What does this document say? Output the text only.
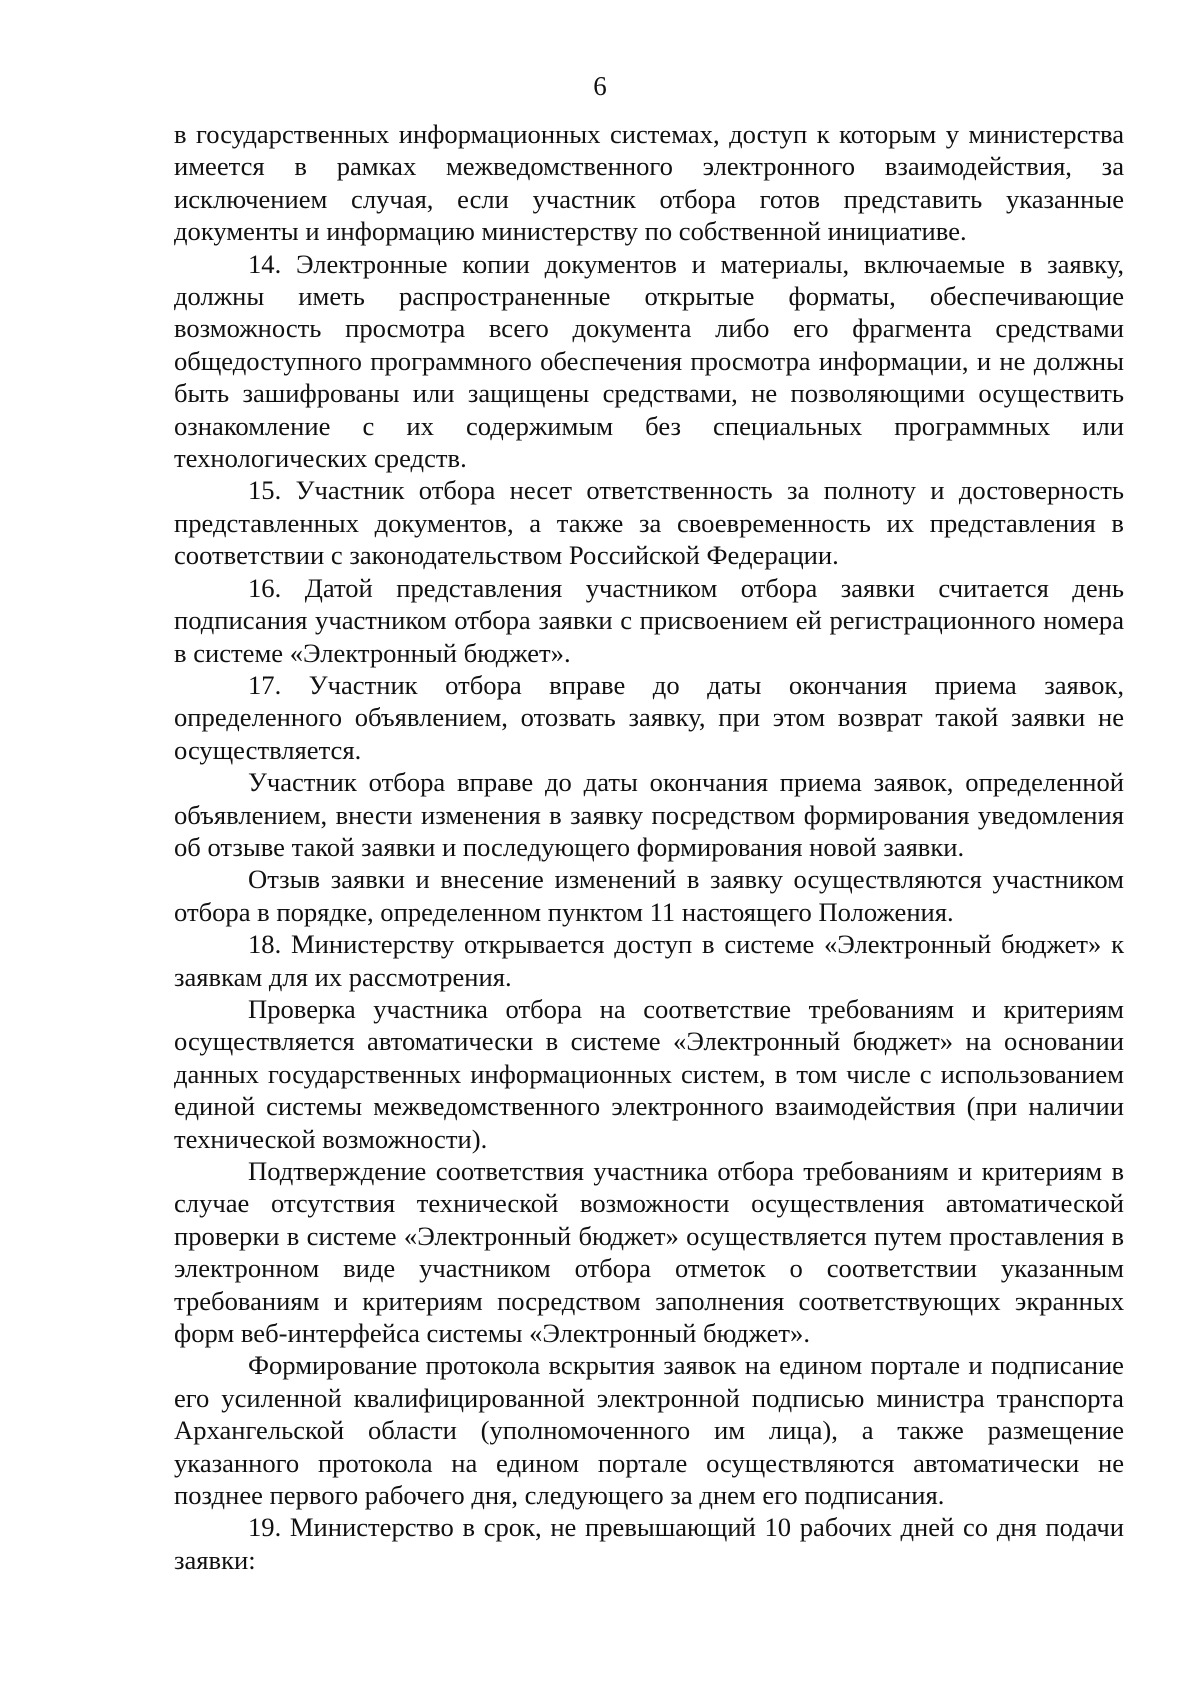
6

в государственных информационных системах, доступ к которым у министерства имеется в рамках межведомственного электронного взаимодействия, за исключением случая, если участник отбора готов представить указанные документы и информацию министерству по собственной инициативе.

14. Электронные копии документов и материалы, включаемые в заявку, должны иметь распространенные открытые форматы, обеспечивающие возможность просмотра всего документа либо его фрагмента средствами общедоступного программного обеспечения просмотра информации, и не должны быть зашифрованы или защищены средствами, не позволяющими осуществить ознакомление с их содержимым без специальных программных или технологических средств.

15. Участник отбора несет ответственность за полноту и достоверность представленных документов, а также за своевременность их представления в соответствии с законодательством Российской Федерации.

16. Датой представления участником отбора заявки считается день подписания участником отбора заявки с присвоением ей регистрационного номера в системе «Электронный бюджет».

17. Участник отбора вправе до даты окончания приема заявок, определенного объявлением, отозвать заявку, при этом возврат такой заявки не осуществляется.

Участник отбора вправе до даты окончания приема заявок, определенной объявлением, внести изменения в заявку посредством формирования уведомления об отзыве такой заявки и последующего формирования новой заявки.

Отзыв заявки и внесение изменений в заявку осуществляются участником отбора в порядке, определенном пунктом 11 настоящего Положения.

18. Министерству открывается доступ в системе «Электронный бюджет» к заявкам для их рассмотрения.

Проверка участника отбора на соответствие требованиям и критериям осуществляется автоматически в системе «Электронный бюджет» на основании данных государственных информационных систем, в том числе с использованием единой системы межведомственного электронного взаимодействия (при наличии технической возможности).

Подтверждение соответствия участника отбора требованиям и критериям в случае отсутствия технической возможности осуществления автоматической проверки в системе «Электронный бюджет» осуществляется путем проставления в электронном виде участником отбора отметок о соответствии указанным требованиям и критериям посредством заполнения соответствующих экранных форм веб-интерфейса системы «Электронный бюджет».

Формирование протокола вскрытия заявок на едином портале и подписание его усиленной квалифицированной электронной подписью министра транспорта Архангельской области (уполномоченного им лица), а также размещение указанного протокола на едином портале осуществляются автоматически не позднее первого рабочего дня, следующего за днем его подписания.

19. Министерство в срок, не превышающий 10 рабочих дней со дня подачи заявки:
